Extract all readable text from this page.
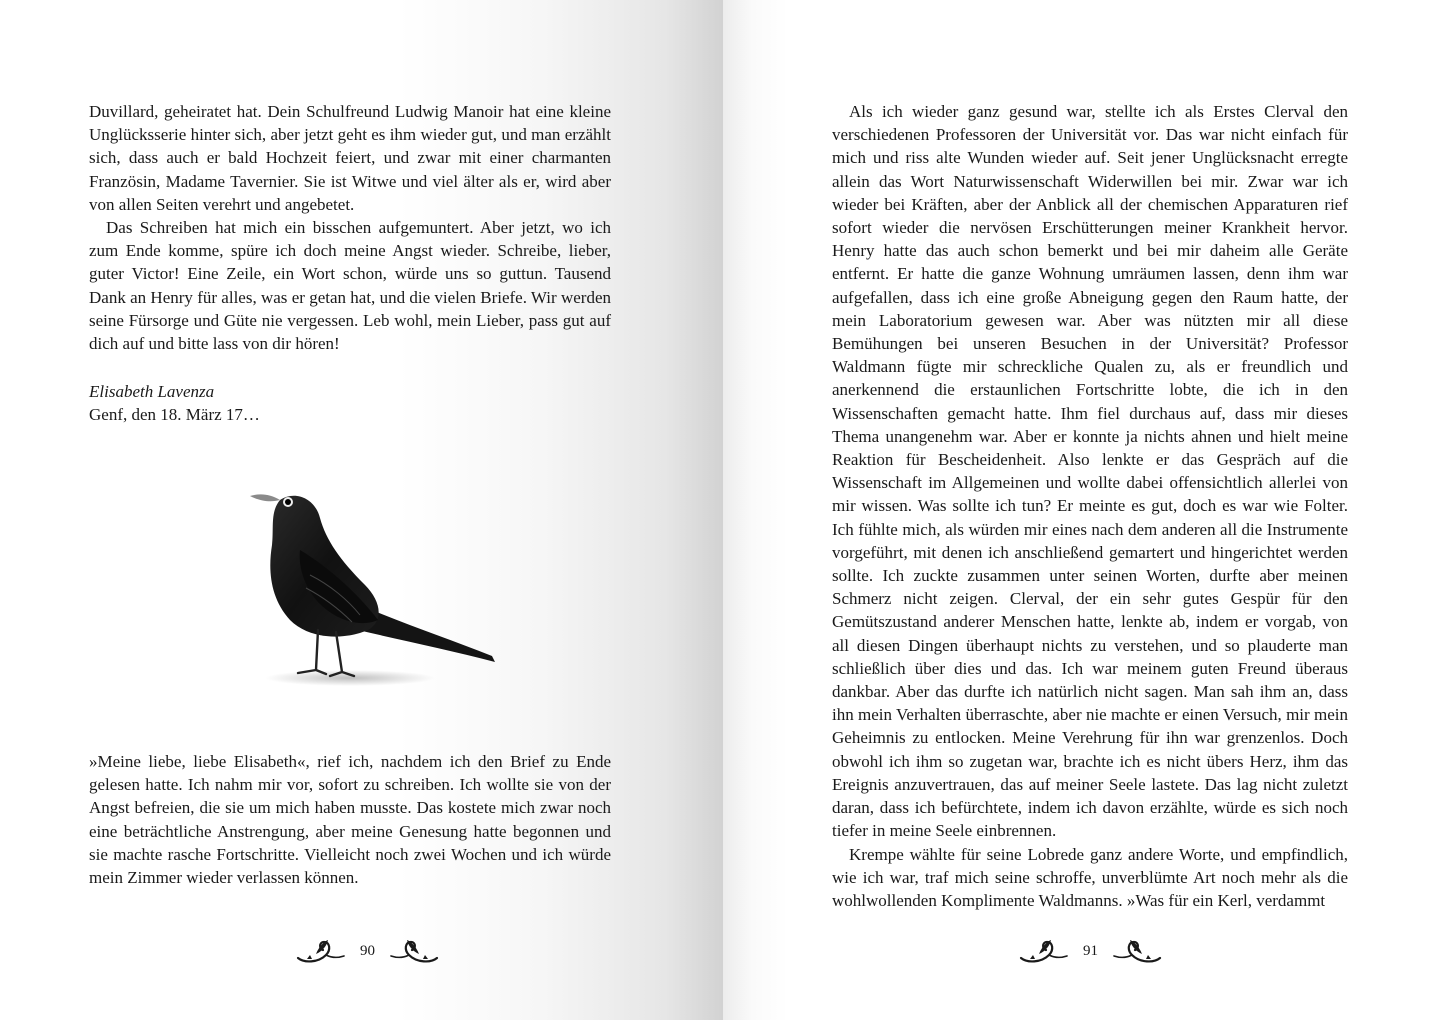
Duvillard, geheiratet hat. Dein Schulfreund Ludwig Manoir hat eine kleine Unglücksserie hinter sich, aber jetzt geht es ihm wieder gut, und man erzählt sich, dass auch er bald Hochzeit feiert, und zwar mit einer charmanten Französin, Madame Tavernier. Sie ist Witwe und viel älter als er, wird aber von allen Seiten verehrt und angebetet.

Das Schreiben hat mich ein bisschen aufgemuntert. Aber jetzt, wo ich zum Ende komme, spüre ich doch meine Angst wieder. Schreibe, lieber, guter Victor! Eine Zeile, ein Wort schon, würde uns so guttun. Tausend Dank an Henry für alles, was er getan hat, und die vielen Briefe. Wir werden seine Fürsorge und Güte nie vergessen. Leb wohl, mein Lieber, pass gut auf dich auf und bitte lass von dir hören!

Elisabeth Lavenza
Genf, den 18. März 17…

»Meine liebe, liebe Elisabeth«, rief ich, nachdem ich den Brief zu Ende gelesen hatte. Ich nahm mir vor, sofort zu schreiben. Ich wollte sie von der Angst befreien, die sie um mich haben musste. Das kostete mich zwar noch eine beträchtliche Anstrengung, aber meine Genesung hatte begonnen und sie machte rasche Fortschritte. Vielleicht noch zwei Wochen und ich würde mein Zimmer wieder verlassen können.

90

Als ich wieder ganz gesund war, stellte ich als Erstes Clerval den verschiedenen Professoren der Universität vor. Das war nicht einfach für mich und riss alte Wunden wieder auf. Seit jener Unglücksnacht erregte allein das Wort Naturwissenschaft Widerwillen bei mir. Zwar war ich wieder bei Kräften, aber der Anblick all der chemischen Apparaturen rief sofort wieder die nervösen Erschütterungen meiner Krankheit hervor. Henry hatte das auch schon bemerkt und bei mir daheim alle Geräte entfernt. Er hatte die ganze Wohnung umräumen lassen, denn ihm war aufgefallen, dass ich eine große Abneigung gegen den Raum hatte, der mein Laboratorium gewesen war. Aber was nützten mir all diese Bemühungen bei unseren Besuchen in der Universität? Professor Waldmann fügte mir schreckliche Qualen zu, als er freundlich und anerkennend die erstaunlichen Fortschritte lobte, die ich in den Wissenschaften gemacht hatte. Ihm fiel durchaus auf, dass mir dieses Thema unangenehm war. Aber er konnte ja nichts ahnen und hielt meine Reaktion für Bescheidenheit. Also lenkte er das Gespräch auf die Wissenschaft im Allgemeinen und wollte dabei offensichtlich allerlei von mir wissen. Was sollte ich tun? Er meinte es gut, doch es war wie Folter. Ich fühlte mich, als würden mir eines nach dem anderen all die Instrumente vorgeführt, mit denen ich anschließend gemartert und hingerichtet werden sollte. Ich zuckte zusammen unter seinen Worten, durfte aber meinen Schmerz nicht zeigen. Clerval, der ein sehr gutes Gespür für den Gemütszustand anderer Menschen hatte, lenkte ab, indem er vorgab, von all diesen Dingen überhaupt nichts zu verstehen, und so plauderte man schließlich über dies und das. Ich war meinem guten Freund überaus dankbar. Aber das durfte ich natürlich nicht sagen. Man sah ihm an, dass ihn mein Verhalten überraschte, aber nie machte er einen Versuch, mir mein Geheimnis zu entlocken. Meine Verehrung für ihn war grenzenlos. Doch obwohl ich ihm so zugetan war, brachte ich es nicht übers Herz, ihm das Ereignis anzuvertrauen, das auf meiner Seele lastete. Das lag nicht zuletzt daran, dass ich befürchtete, indem ich davon erzählte, würde es sich noch tiefer in meine Seele einbrennen.

Krempe wählte für seine Lobrede ganz andere Worte, und empfindlich, wie ich war, traf mich seine schroffe, unverblümte Art noch mehr als die wohlwollenden Komplimente Waldmanns. »Was für ein Kerl, verdammt

91
